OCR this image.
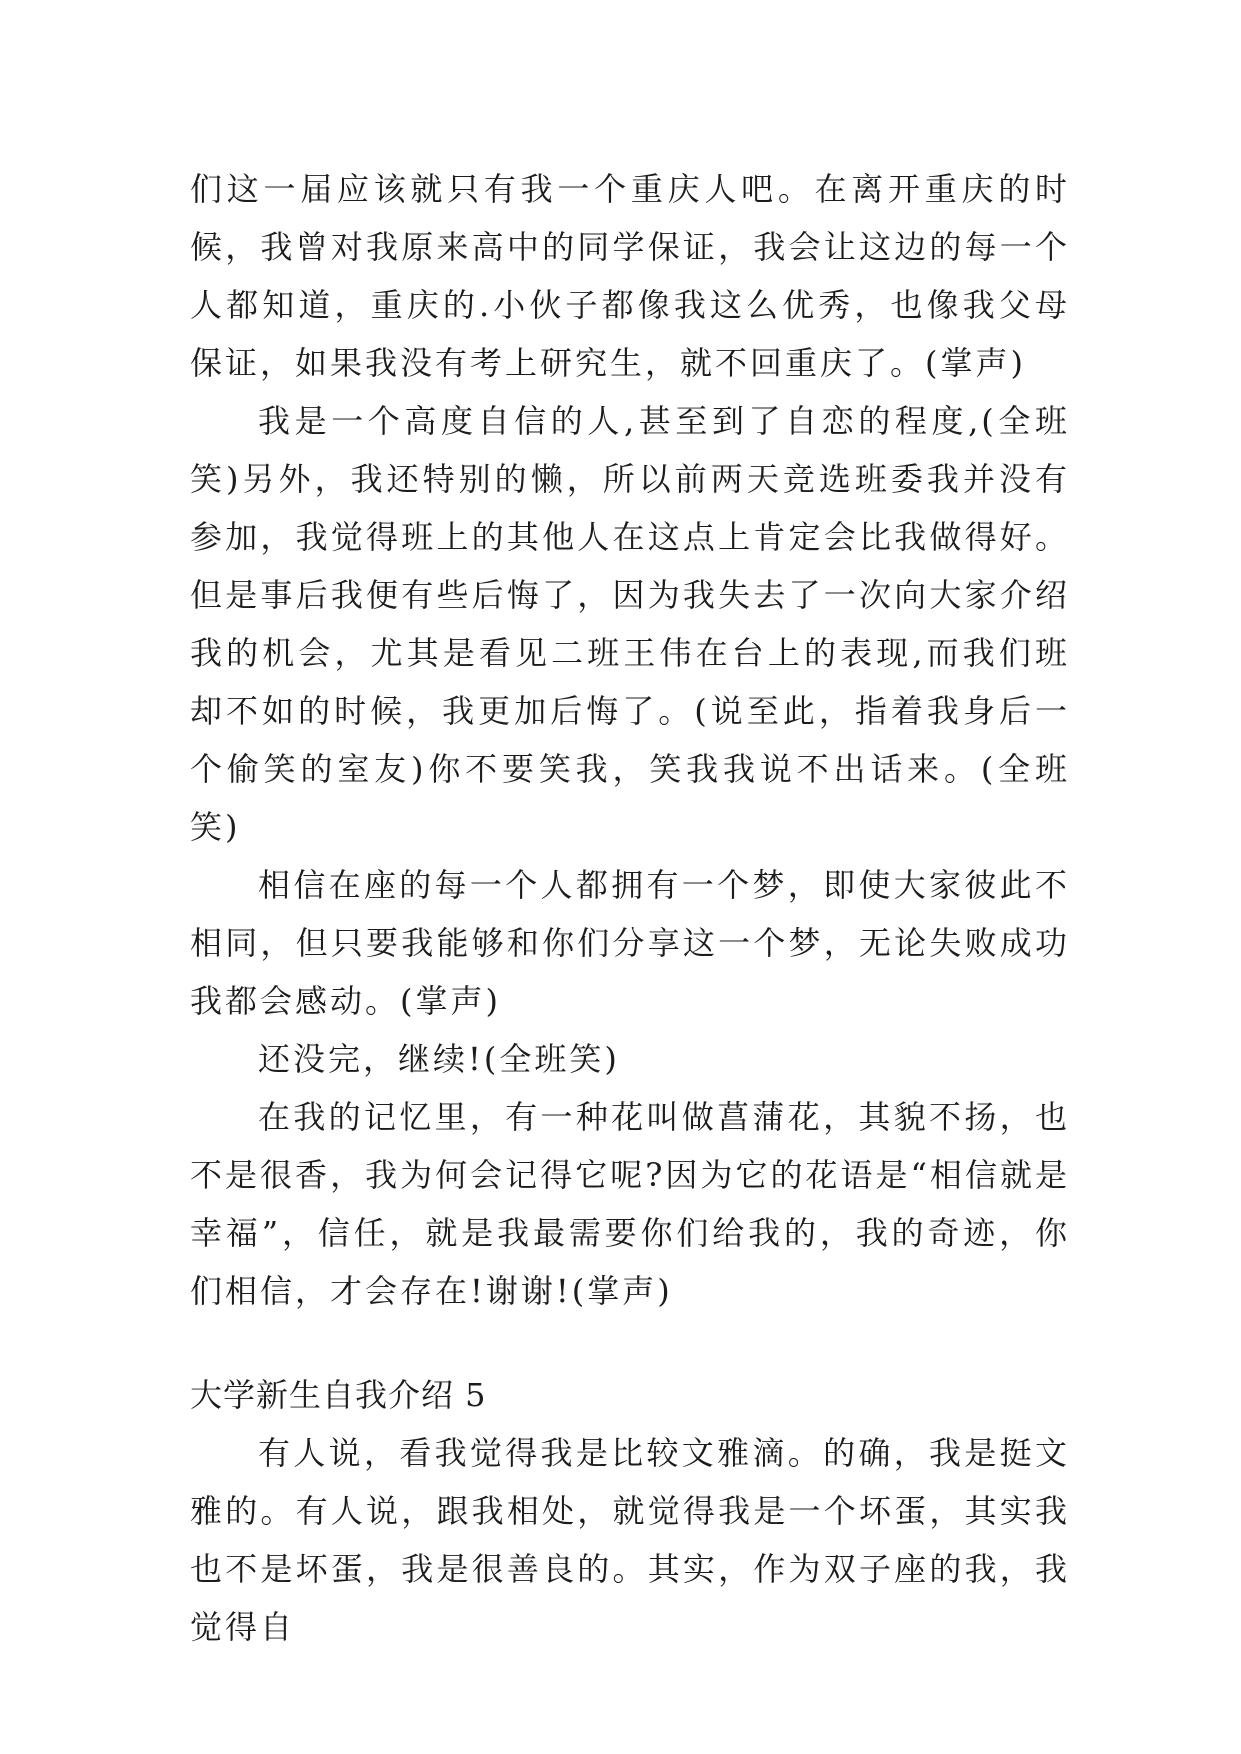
们这一届应该就只有我一个重庆人吧。在离开重庆的时候，我曾对我原来高中的同学保证，我会让这边的每一个人都知道，重庆的.小伙子都像我这么优秀，也像我父母保证，如果我没有考上研究生，就不回重庆了。(掌声)

我是一个高度自信的人,甚至到了自恋的程度,(全班笑)另外，我还特别的懒，所以前两天竞选班委我并没有参加，我觉得班上的其他人在这点上肯定会比我做得好。但是事后我便有些后悔了，因为我失去了一次向大家介绍我的机会，尤其是看见二班王伟在台上的表现,而我们班却不如的时候，我更加后悔了。(说至此，指着我身后一个偷笑的室友)你不要笑我，笑我我说不出话来。(全班笑)

相信在座的每一个人都拥有一个梦，即使大家彼此不相同，但只要我能够和你们分享这一个梦，无论失败成功我都会感动。(掌声)

还没完，继续!(全班笑)

在我的记忆里，有一种花叫做菖蒲花，其貌不扬，也不是很香，我为何会记得它呢?因为它的花语是“相信就是幸福”，信任，就是我最需要你们给我的，我的奇迹，你们相信，才会存在!谢谢!(掌声)

大学新生自我介绍 5

有人说，看我觉得我是比较文雅滴。的确，我是挺文雅的。有人说，跟我相处，就觉得我是一个坏蛋，其实我也不是坏蛋，我是很善良的。其实，作为双子座的我，我觉得自
